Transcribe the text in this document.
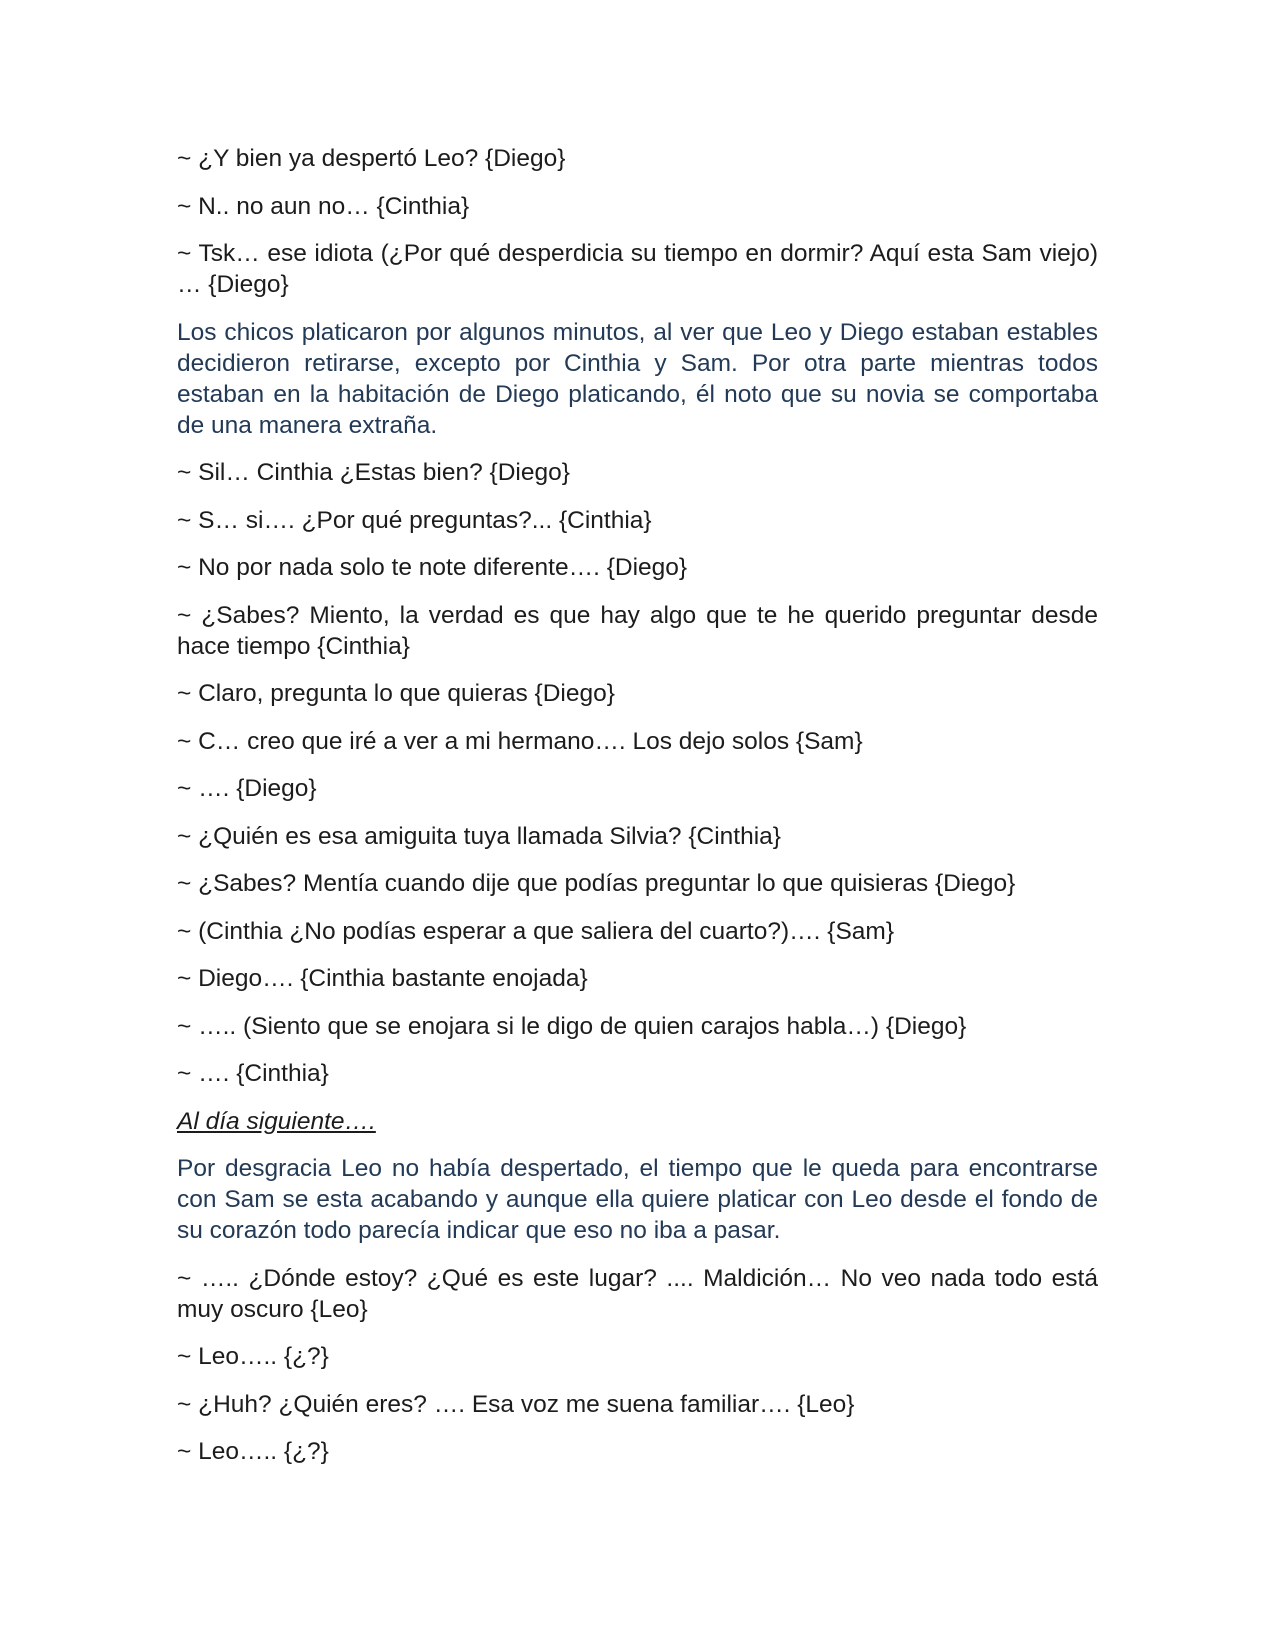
~ ¿Y bien ya despertó Leo? {Diego}

~ N.. no aun no… {Cinthia}

~ Tsk… ese idiota (¿Por qué desperdicia su tiempo en dormir? Aquí esta Sam viejo) … {Diego}

Los chicos platicaron por algunos minutos, al ver que Leo y Diego estaban estables decidieron retirarse, excepto por Cinthia y Sam. Por otra parte mientras todos estaban en la habitación de Diego platicando, él noto que su novia se comportaba de una manera extraña.

~ Sil… Cinthia ¿Estas bien? {Diego}

~ S… si…. ¿Por qué preguntas?... {Cinthia}

~ No por nada solo te note diferente…. {Diego}

~ ¿Sabes? Miento, la verdad es que hay algo que te he querido preguntar desde hace tiempo {Cinthia}

~ Claro, pregunta lo que quieras {Diego}

~ C… creo que iré a ver a mi hermano…. Los dejo solos {Sam}

~ …. {Diego}

~ ¿Quién es esa amiguita tuya llamada Silvia? {Cinthia}

~ ¿Sabes? Mentía cuando dije que podías preguntar lo que quisieras {Diego}

~ (Cinthia ¿No podías esperar a que saliera del cuarto?)…. {Sam}

~ Diego…. {Cinthia bastante enojada}

~ ….. (Siento que se enojara si le digo de quien carajos habla…) {Diego}

~ …. {Cinthia}

Al día siguiente….

Por desgracia Leo no había despertado, el tiempo que le queda para encontrarse con Sam se esta acabando y aunque ella quiere platicar con Leo desde el fondo de su corazón todo parecía indicar que eso no iba a pasar.

~ ….. ¿Dónde estoy? ¿Qué es este lugar? .... Maldición… No veo nada todo está muy oscuro {Leo}

~ Leo….. {¿?}

~ ¿Huh? ¿Quién eres? …. Esa voz me suena familiar…. {Leo}

~ Leo….. {¿?}
